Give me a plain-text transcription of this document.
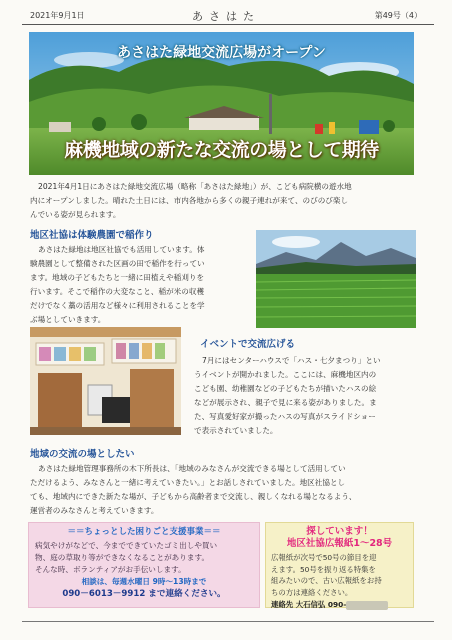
2021年9月1日	あさはた	第49号（4）
あさはた緑地交流広場がオープン
麻機地域の新たな交流の場として期待
2021年4月1日にあさはた緑地交流広場（略称「あさはた緑地」）が、こども病院横の遊水地
内にオープンしました。晴れた土日には、市内各地から多くの親子連れが来て、のびのび楽し
んでいる姿が見られます。
地区社協は体験農園で稲作り
あさはた緑地は地区社協でも活用しています。体
験農園として整備された区画の田で稲作を行ってい
ます。地域の子どもたちと一緒に田植えや稲刈りを
行います。そこで稲作の大変なこと、稲が米の収穫
だけでなく藁の活用など様々に利用されることを学
ぶ場としていきます。
イベントで交流広げる
7月にはセンターハウスで「ハス・七夕まつり」とい
うイベントが開かれました。ここには、麻機地区内の
こども園、幼稚園などの子どもたちが描いたハスの絵
などが展示され、親子で見に来る姿がありました。ま
た、写真愛好家が撮ったハスの写真がスライドショー
で表示されていました。
地域の交流の場としたい
あさはた緑地管理事務所の木下所長は、「地域のみなさんが交流できる場として活用してい
ただけるよう、みなさんと一緒に考えていきたい。」とお話しされていました。地区社協とし
ても、地域内にできた新たな場が、子どもから高齢者まで交流し、親しくなれる場となるよう、
運営者のみなさんと考えていきます。
＝＝ちょっとした困りごと支援事業＝＝
病気やけがなどで、今までできていたゴミ出しや買い
物、庭の草取り等ができなくなることがあります。
そんな時、ボランティアがお手伝いします。
相談は、毎週水曜日 9時～13時まで
090－6013－9912 まで連絡ください。
探しています！
地区社協広報紙1～28号
広報紙が次号で50号の節目を迎
えます。50号を振り返る特集を
組みたいので、古い広報紙をお持
ちの方は連絡ください。
連絡先 大石信弘 090-
